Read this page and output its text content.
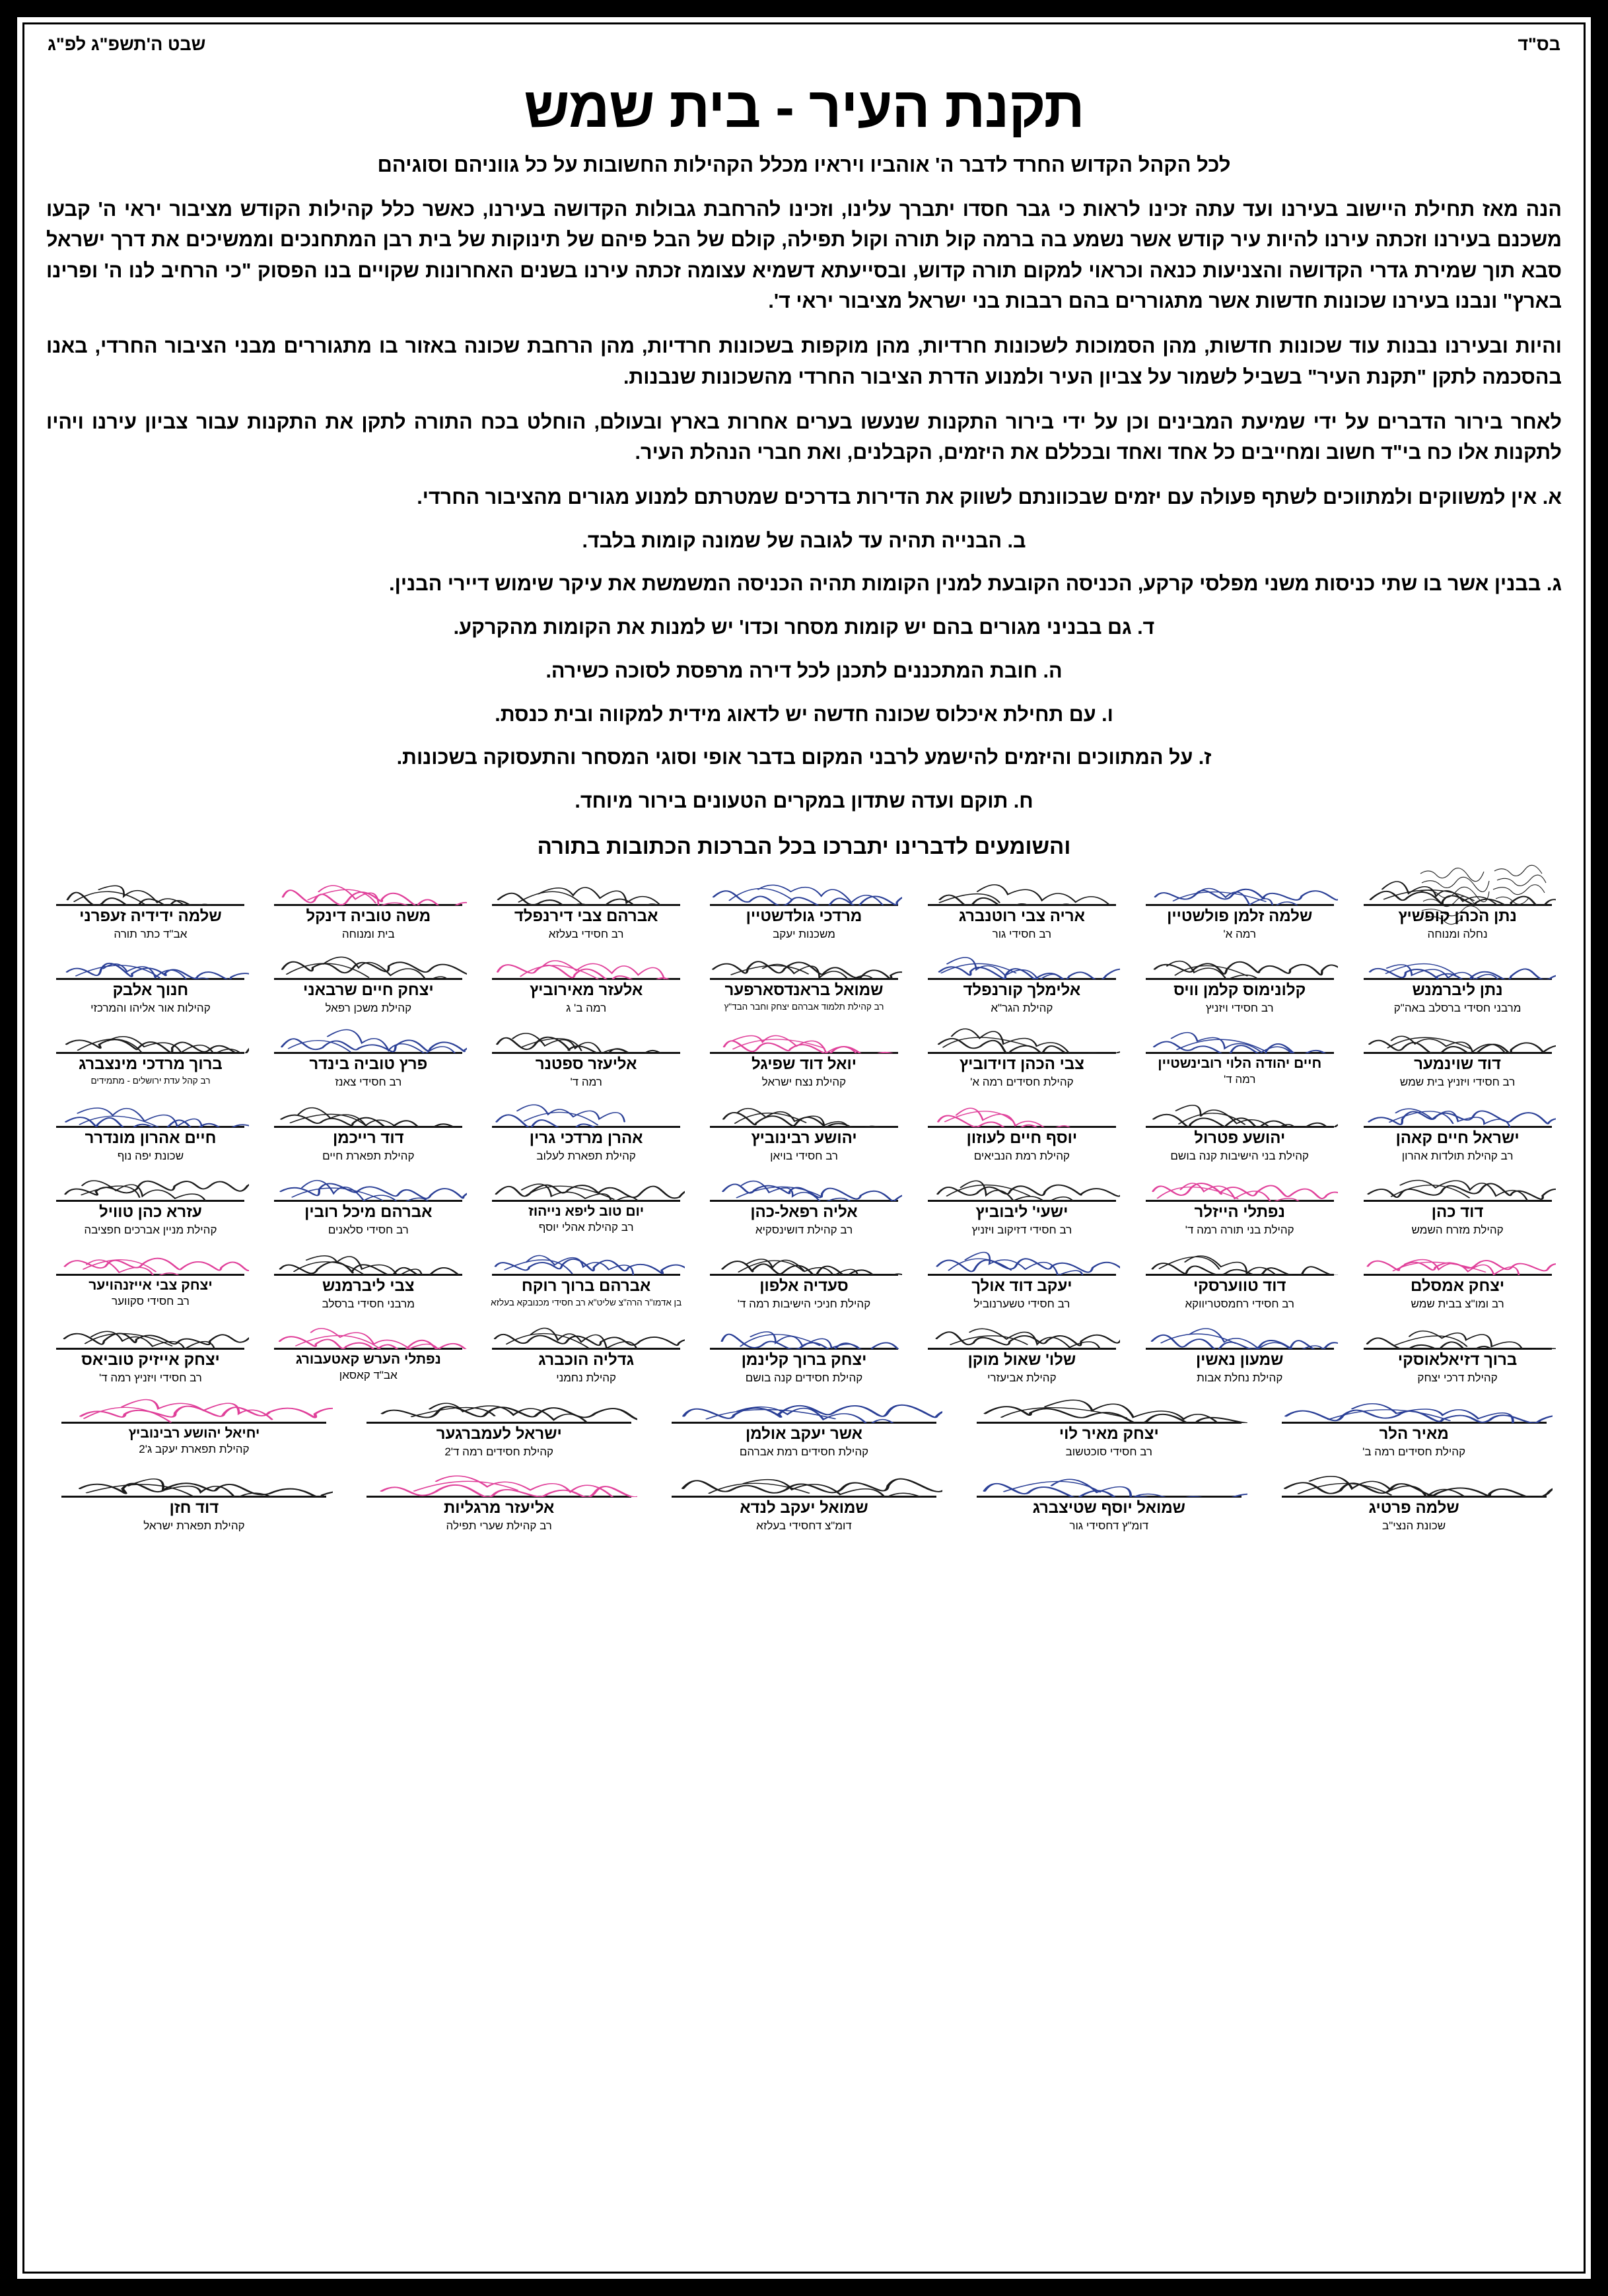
בס"ד
שבט ה'תשפ"ג לפ"ג
תקנת העיר - בית שמש
לכל הקהל הקדוש החרד לדבר ה' אוהביו ויראיו מכלל הקהילות החשובות על כל גווניהם וסוגיהם

הנה מאז תחילת היישוב בעירנו ועד עתה זכינו לראות כי גבר חסדו יתברך עלינו, וזכינו להרחבת גבולות הקדושה בעירנו, כאשר כלל קהילות הקודש מציבור יראי ה' קבעו משכנם בעירנו וזכתה עירנו להיות עיר קודש אשר נשמע בה ברמה קול תורה וקול תפילה, קולם של הבל פיהם של תינוקות של בית רבן המתחנכים וממשיכים את דרך ישראל סבא תוך שמירת גדרי הקדושה והצניעות כנאה וכראוי למקום תורה קדוש, ובסייעתא דשמיא עצומה זכתה עירנו בשנים האחרונות שקויים בנו הפסוק "כי הרחיב לנו ה' ופרינו בארץ" ונבנו בעירנו שכונות חדשות אשר מתגוררים בהם רבבות בני ישראל מציבור יראי ד'.

והיות ובעירנו נבנות עוד שכונות חדשות, מהן הסמוכות לשכונות חרדיות, מהן מוקפות בשכונות חרדיות, מהן הרחבת שכונה באזור בו מתגוררים מבני הציבור החרדי, באנו בהסכמה לתקן "תקנת העיר" בשביל לשמור על צביון העיר ולמנוע הדרת הציבור החרדי מהשכונות שנבנות.

לאחר בירור הדברים על ידי שמיעת המבינים וכן על ידי בירור התקנות שנעשו בערים אחרות בארץ ובעולם, הוחלט בכח התורה לתקן את התקנות עבור צביון עירנו ויהיו לתקנות אלו כח בי"ד חשוב ומחייבים כל אחד ואחד ובכללם את היזמים, הקבלנים, ואת חברי הנהלת העיר.

א. אין למשווקים ולמתווכים לשתף פעולה עם יזמים שבכוונתם לשווק את הדירות בדרכים שמטרתם למנוע מגורים מהציבור החרדי.
ב. הבנייה תהיה עד לגובה של שמונה קומות בלבד.
ג. בבנין אשר בו שתי כניסות משני מפלסי קרקע, הכניסה הקובעת למנין הקומות תהיה הכניסה המשמשת את עיקר שימוש דיירי הבנין.
ד. גם בבניני מגורים בהם יש קומות מסחר וכדו' יש למנות את הקומות מהקרקע.
ה. חובת המתכננים לתכנן לכל דירה מרפסת לסוכה כשירה.
ו. עם תחילת איכלוס שכונה חדשה יש לדאוג מידית למקווה ובית כנסת.
ז. על המתווכים והיזמים להישמע לרבני המקום בדבר אופי וסוגי המסחר והתעסוקה בשכונות.
ח. תוקם ועדה שתדון במקרים הטעונים בירור מיוחד.
והשומעים לדברינו יתברכו בכל הברכות הכתובות בתורה
נתן הכהן קופשיץ
נחלה ומנוחה
שלמה זלמן פולשטיין
רמה א'
אריה צבי רוטנברג
רב חסידי גור
מרדכי גולדשטיין
משכנות יעקב
אברהם צבי דירנפלד
רב חסידי בעלזא
משה טוביה דינקל
בית ומנוחה
שלמה ידידיה זעפרני
אב"ד כתר תורה
נתן ליברמנש
מרבני חסידי ברסלב באה"ק
קלונימוס קלמן וויס
רב חסידי ויזניץ
אלימלך קורנפלד
קהילת הגר"א
שמואל בראנדסארפער
רב קהילת תלמוד אברהם יצחק וחבר הבד"ץ
אלעזר מאירוביץ
רמה ב' ג
יצחק חיים שרבאני
קהילת משכן רפאל
חנוך אלבק
קהילות אור אליהו והמרכזי
דוד שוינמער
רב חסידי ויזניץ בית שמש
חיים יהודה הלוי רובינשטיין
רמה ד'
צבי הכהן דוידוביץ
קהילת חסידים רמה א'
יואל דוד שפיגל
קהילת נצח ישראל
אליעזר ספטנר
רמה ד'
פרץ טוביה בינדר
רב חסידי צאנז
ברוך מרדכי מינצברג
רב קהל עדת ירושלים - מתמידים
ישראל חיים קאהן
רב קהילת תולדות אהרון
יהושע פטרול
קהילת בני הישיבות קנה בושם
יוסף חיים לעוזון
קהילת רמת הנביאים
יהושע רבינוביץ
רב חסידי בויאן
אהרן מרדכי גרין
קהילת תפארת לעלוב
דוד רייכמן
קהילת תפארת חיים
חיים אהרון מונדרר
שכונת יפה נוף
דוד כהן
קהילת מזרח השמש
נפתלי הייזלר
קהילת בני תורה רמה ד'
ישעי' ליבוביץ
רב חסידי דזיקוב ויזניץ
אליה רפאל-כהן
רב קהילת דושינסקיא
יום טוב ליפא נייהוז
רב קהילת אהלי יוסף
אברהם מיכל רובין
רב חסידי סלאנים
עזרא כהן טוויל
קהילת מניין אברכים חפציבה
יצחק אמסלם
רב ומו"צ בבית שמש
דוד טווערסקי
רב חסידי רחמסטריווקא
יעקב דוד אולך
רב חסידי טשערנוביל
סעדיה אלפון
קהילת חניכי הישיבות רמה ד'
אברהם ברוך רוקח
בן אדמו"ר הרה"צ שליט"א רב חסידי מכנובקא בעלזא
צבי ליברמנש
מרבני חסידי ברסלב
יצחק צבי אייזנהויער
רב חסידי סקווער
ברוך דזיאלאוסקי
קהילת דרכי יצחק
שמעון נאשין
קהילת נחלת אבות
שלו' שאול מוקן
קהילת אביעזרי
יצחק ברוך קלינמן
קהילת חסידים קנה בושם
גדליה הוכברג
קהילת נחמני
נפתלי הערש קאטעבורג
אב"ד קאסאן
יצחק אייזיק טוביאס
רב חסידי ויזניץ רמה ד'
מאיר הלר
קהילת חסידים רמה ב'
יצחק מאיר לוי
רב חסידי סוכטשוב
אשר יעקב אולמן
קהילת חסידים רמת אברהם
ישראל לעמברגער
קהילת חסידים רמה ד'2
יחיאל יהושע רבינוביץ
קהילת תפארת יעקב ג'2
שלמה פרטיג
שכונת הנצי"ב
שמואל יוסף שטיצברג
דומ"ץ דחסידי גור
שמואל יעקב לנדא
דומ"צ דחסידי בעלזא
אליעזר מרגליות
רב קהילת שערי תפילה
דוד חזן
קהילת תפארת ישראל
